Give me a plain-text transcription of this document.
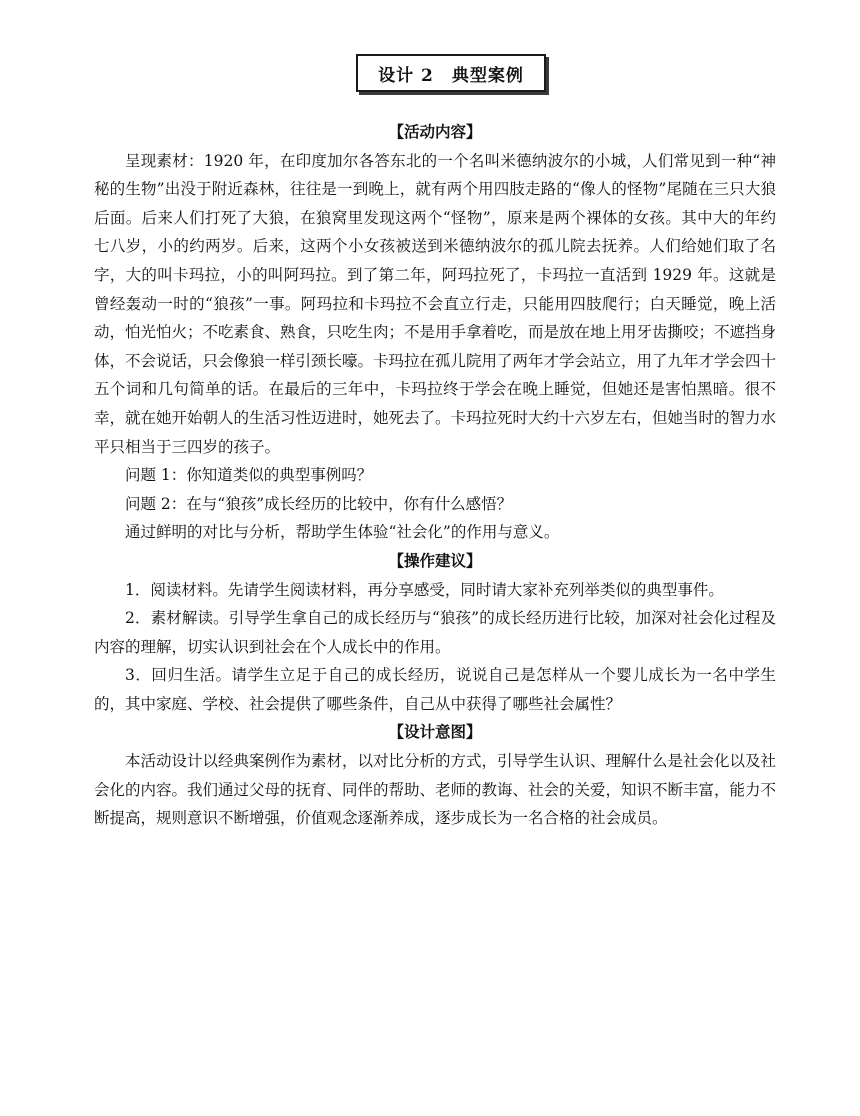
设计 2　典型案例

【活动内容】

呈现素材：1920 年，在印度加尔各答东北的一个名叫米德纳波尔的小城，人们常见到一种“神秘的生物”出没于附近森林，往往是一到晚上，就有两个用四肢走路的“像人的怪物”尾随在三只大狼后面。后来人们打死了大狼，在狼窝里发现这两个“怪物”，原来是两个裸体的女孩。其中大的年约七八岁，小的约两岁。后来，这两个小女孩被送到米德纳波尔的孤儿院去抚养。人们给她们取了名字，大的叫卡玛拉，小的叫阿玛拉。到了第二年，阿玛拉死了，卡玛拉一直活到 1929 年。这就是曾经轰动一时的“狼孩”一事。阿玛拉和卡玛拉不会直立行走，只能用四肢爬行；白天睡觉，晚上活动，怕光怕火；不吃素食、熟食，只吃生肉；不是用手拿着吃，而是放在地上用牙齿撕咬；不遮挡身体，不会说话，只会像狼一样引颈长嚎。卡玛拉在孤儿院用了两年才学会站立，用了九年才学会四十五个词和几句简单的话。在最后的三年中，卡玛拉终于学会在晚上睡觉，但她还是害怕黑暗。很不幸，就在她开始朝人的生活习性迈进时，她死去了。卡玛拉死时大约十六岁左右，但她当时的智力水平只相当于三四岁的孩子。

问题 1：你知道类似的典型事例吗？

问题 2：在与“狼孩”成长经历的比较中，你有什么感悟？

通过鲜明的对比与分析，帮助学生体验“社会化”的作用与意义。

【操作建议】

1．阅读材料。先请学生阅读材料，再分享感受，同时请大家补充列举类似的典型事件。

2．素材解读。引导学生拿自己的成长经历与“狼孩”的成长经历进行比较，加深对社会化过程及内容的理解，切实认识到社会在个人成长中的作用。

3．回归生活。请学生立足于自己的成长经历，说说自己是怎样从一个婴儿成长为一名中学生的，其中家庭、学校、社会提供了哪些条件，自己从中获得了哪些社会属性？

【设计意图】

本活动设计以经典案例作为素材，以对比分析的方式，引导学生认识、理解什么是社会化以及社会化的内容。我们通过父母的抚育、同伴的帮助、老师的教诲、社会的关爱，知识不断丰富，能力不断提高，规则意识不断增强，价值观念逐渐养成，逐步成长为一名合格的社会成员。
